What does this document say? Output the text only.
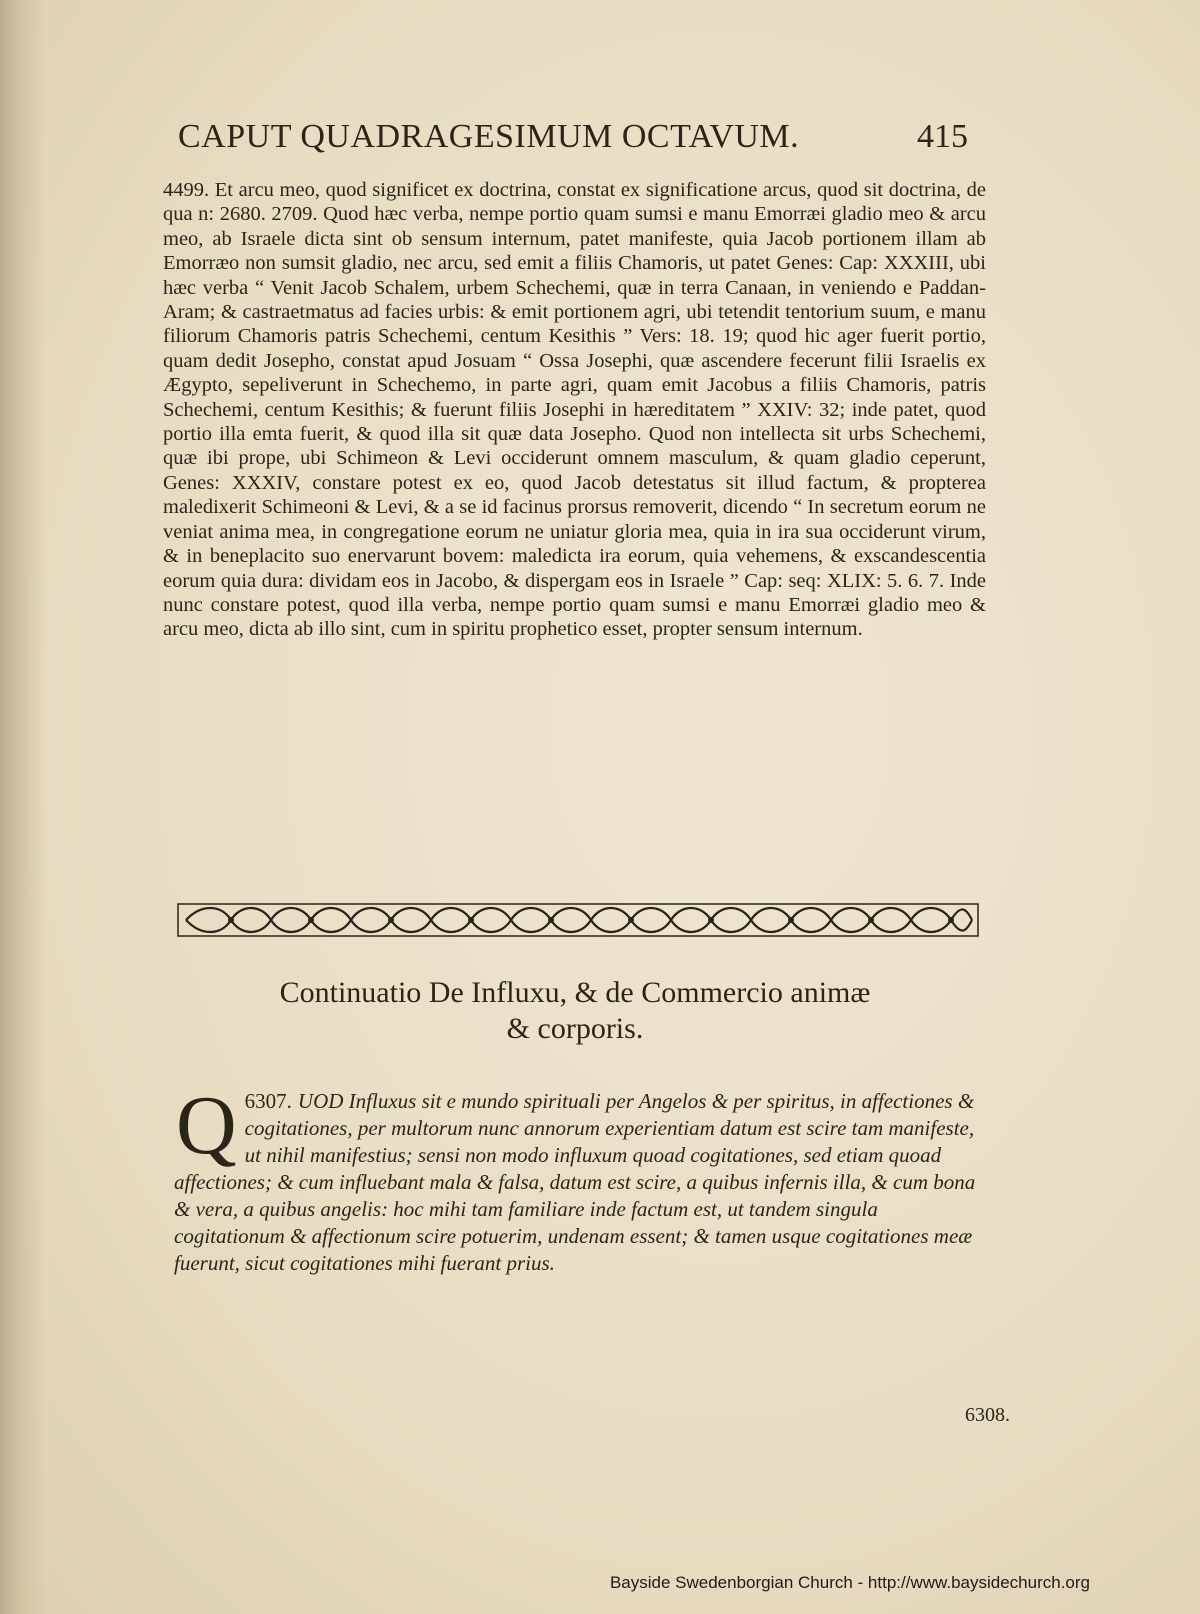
CAPUT QUADRAGESIMUM OCTAVUM.	415

4499. Et arcu meo, quod significet ex doctrina, constat ex significatione arcus, quod sit doctrina, de qua n: 2680. 2709. Quod hæc verba, nempe portio quam sumsi e manu Emorræi gladio meo & arcu meo, ab Israele dicta sint ob sensum internum, patet manifeste, quia Jacob portionem illam ab Emorræo non sumsit gladio, nec arcu, sed emit a filiis Chamoris, ut patet Genes: Cap: XXXIII, ubi hæc verba “ Venit Jacob Schalem, urbem Schechemi, quæ in terra Canaan, in veniendo e Paddan-Aram; & castraetmatus ad facies urbis: & emit portionem agri, ubi tetendit tentorium suum, e manu filiorum Chamoris patris Schechemi, centum Kesithis ” Vers: 18. 19; quod hic ager fuerit portio, quam dedit Josepho, constat apud Josuam “ Ossa Josephi, quæ ascendere fecerunt filii Israelis ex Ægypto, sepeliverunt in Schechemo, in parte agri, quam emit Jacobus a filiis Chamoris, patris Schechemi, centum Kesithis; & fuerunt filiis Josephi in hæreditatem ” XXIV: 32; inde patet, quod portio illa emta fuerit, & quod illa sit quæ data Josepho. Quod non intellecta sit urbs Schechemi, quæ ibi prope, ubi Schimeon & Levi occiderunt omnem masculum, & quam gladio ceperunt, Genes: XXXIV, constare potest ex eo, quod Jacob detestatus sit illud factum, & propterea maledixerit Schimeoni & Levi, & a se id facinus prorsus removerit, dicendo “ In secretum eorum ne veniat anima mea, in congregatione eorum ne uniatur gloria mea, quia in ira sua occiderunt virum, & in beneplacito suo enervarunt bovem: maledicta ira eorum, quia vehemens, & exscandescentia eorum quia dura: dividam eos in Jacobo, & dispergam eos in Israele ” Cap: seq: XLIX: 5. 6. 7. Inde nunc constare potest, quod illa verba, nempe portio quam sumsi e manu Emorræi gladio meo & arcu meo, dicta ab illo sint, cum in spiritu prophetico esset, propter sensum internum.

Continuatio De Influxu, & de Commercio animæ
& corporis.

6307.
Q	UOD Influxus sit e mundo spirituali per Angelos & per spiritus, in affectiones & cogitationes, per multorum nunc annorum experientiam datum est scire tam manifeste, ut nihil manifestius; sensi non modo influxum quoad cogitationes, sed etiam quoad affectiones; & cum influebant mala & falsa, datum est scire, a quibus infernis illa, & cum bona & vera, a quibus angelis: hoc mihi tam familiare inde factum est, ut tandem singula cogitationum & affectionum scire potuerim, undenam essent; & tamen usque cogitationes meæ fuerunt, sicut cogitationes mihi fuerant prius.

6308.
Bayside Swedenborgian Church - http://www.baysidechurch.org
